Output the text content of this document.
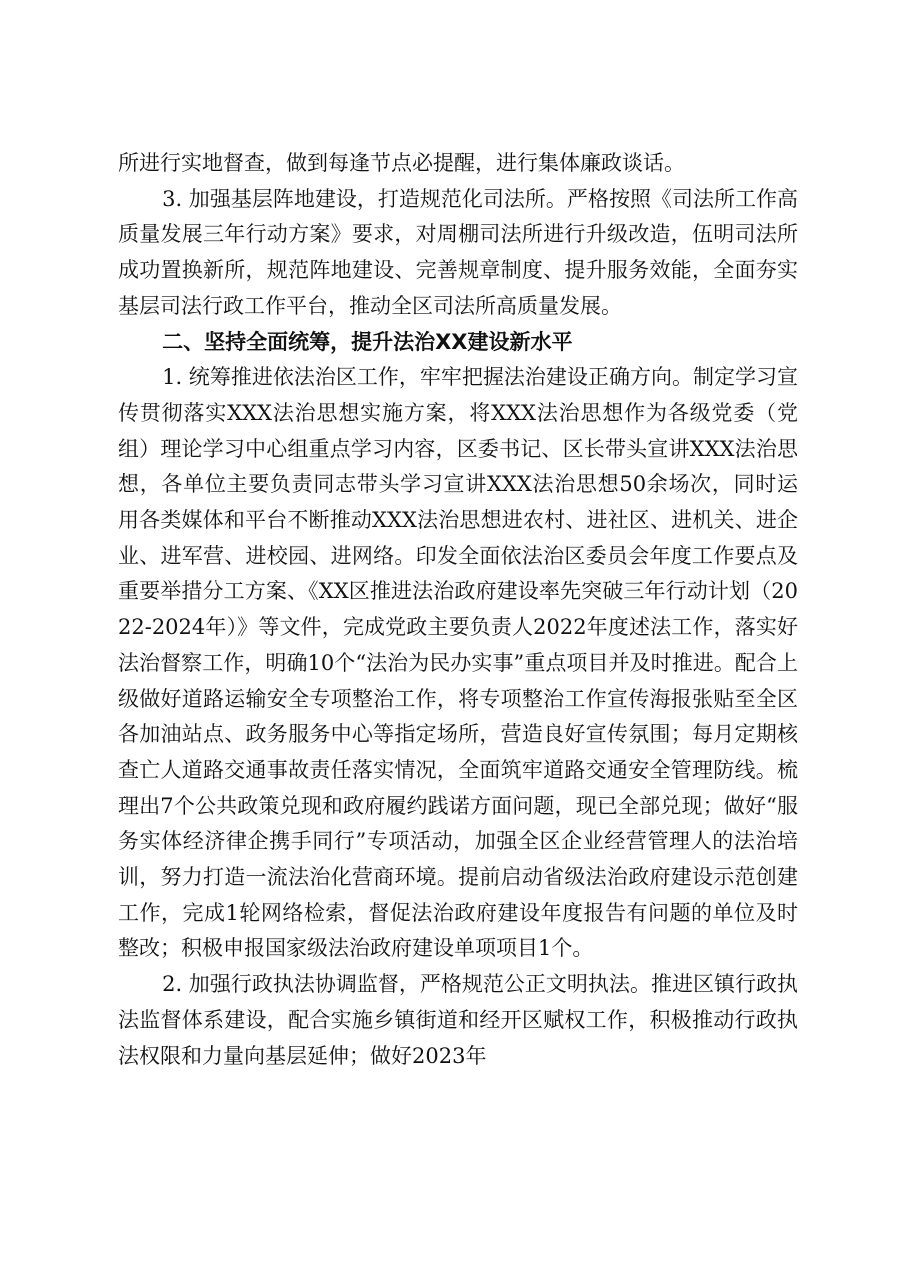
所进行实地督查，做到每逢节点必提醒，进行集体廉政谈话。

3. 加强基层阵地建设，打造规范化司法所。严格按照《司法所工作高质量发展三年行动方案》要求，对周棚司法所进行升级改造，伍明司法所成功置换新所，规范阵地建设、完善规章制度、提升服务效能，全面夯实基层司法行政工作平台，推动全区司法所高质量发展。

二、坚持全面统筹，提升法治XX建设新水平

1. 统筹推进依法治区工作，牢牢把握法治建设正确方向。制定学习宣传贯彻落实XXX法治思想实施方案，将XXX法治思想作为各级党委（党组）理论学习中心组重点学习内容，区委书记、区长带头宣讲XXX法治思想，各单位主要负责同志带头学习宣讲XXX法治思想50余场次，同时运用各类媒体和平台不断推动XXX法治思想进农村、进社区、进机关、进企业、进军营、进校园、进网络。印发全面依法治区委员会年度工作要点及重要举措分工方案、《XX区推进法治政府建设率先突破三年行动计划（2022-2024年）》等文件，完成党政主要负责人2022年度述法工作，落实好法治督察工作，明确10个“法治为民办实事”重点项目并及时推进。配合上级做好道路运输安全专项整治工作，将专项整治工作宣传海报张贴至全区各加油站点、政务服务中心等指定场所，营造良好宣传氛围；每月定期核查亡人道路交通事故责任落实情况，全面筑牢道路交通安全管理防线。梳理出7个公共政策兑现和政府履约践诺方面问题，现已全部兑现；做好“服务实体经济律企携手同行”专项活动，加强全区企业经营管理人的法治培训，努力打造一流法治化营商环境。提前启动省级法治政府建设示范创建工作，完成1轮网络检索，督促法治政府建设年度报告有问题的单位及时整改；积极申报国家级法治政府建设单项项目1个。

2. 加强行政执法协调监督，严格规范公正文明执法。推进区镇行政执法监督体系建设，配合实施乡镇街道和经开区赋权工作，积极推动行政执法权限和力量向基层延伸；做好2023年
